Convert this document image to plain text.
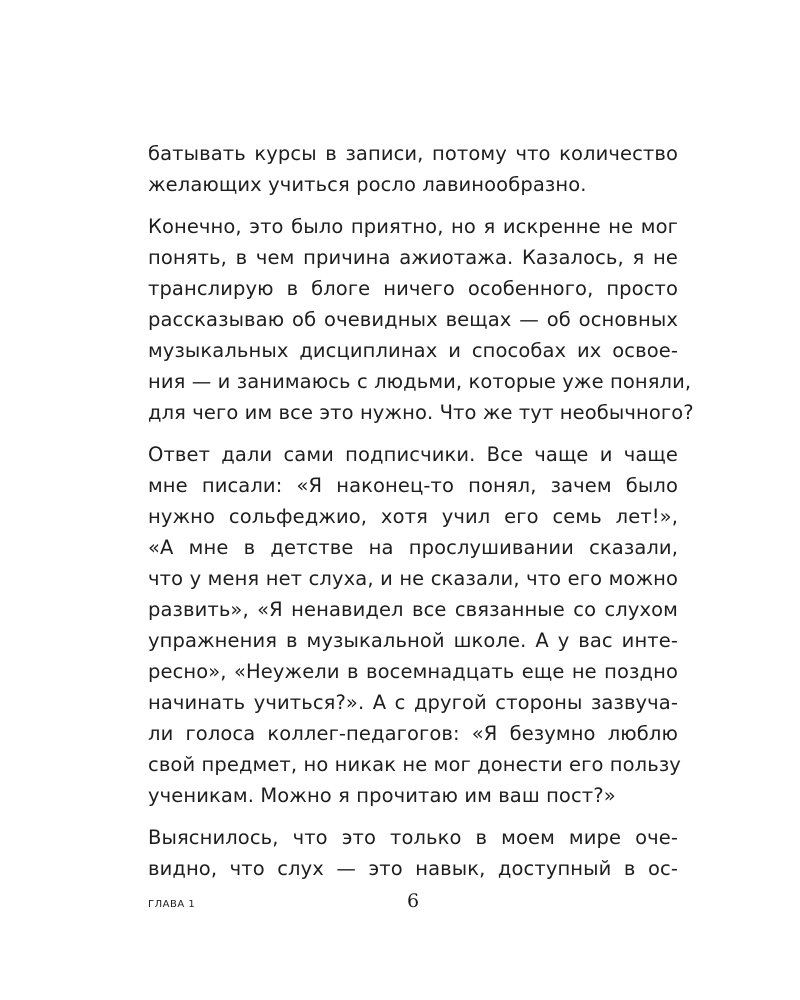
батывать курсы в записи, потому что количество
желающих учиться росло лавинообразно.
Конечно, это было приятно, но я искренне не мог
понять, в чем причина ажиотажа. Казалось, я не
транслирую в блоге ничего особенного, просто
рассказываю об очевидных вещах — об основных
музыкальных дисциплинах и способах их освое-
ния — и занимаюсь с людьми, которые уже поняли,
для чего им все это нужно. Что же тут необычного?
Ответ дали сами подписчики. Все чаще и чаще
мне писали: «Я наконец-то понял, зачем было
нужно сольфеджио, хотя учил его семь лет!»,
«А мне в детстве на прослушивании сказали,
что у меня нет слуха, и не сказали, что его можно
развить», «Я ненавидел все связанные со слухом
упражнения в музыкальной школе. А у вас инте-
ресно», «Неужели в восемнадцать еще не поздно
начинать учиться?». А с другой стороны зазвуча-
ли голоса коллег-педагогов: «Я безумно люблю
свой предмет, но никак не мог донести его пользу
ученикам. Можно я прочитаю им ваш пост?»
Выяснилось, что это только в моем мире оче-
видно, что слух — это навык, доступный в ос-
ГЛАВА 1	6
